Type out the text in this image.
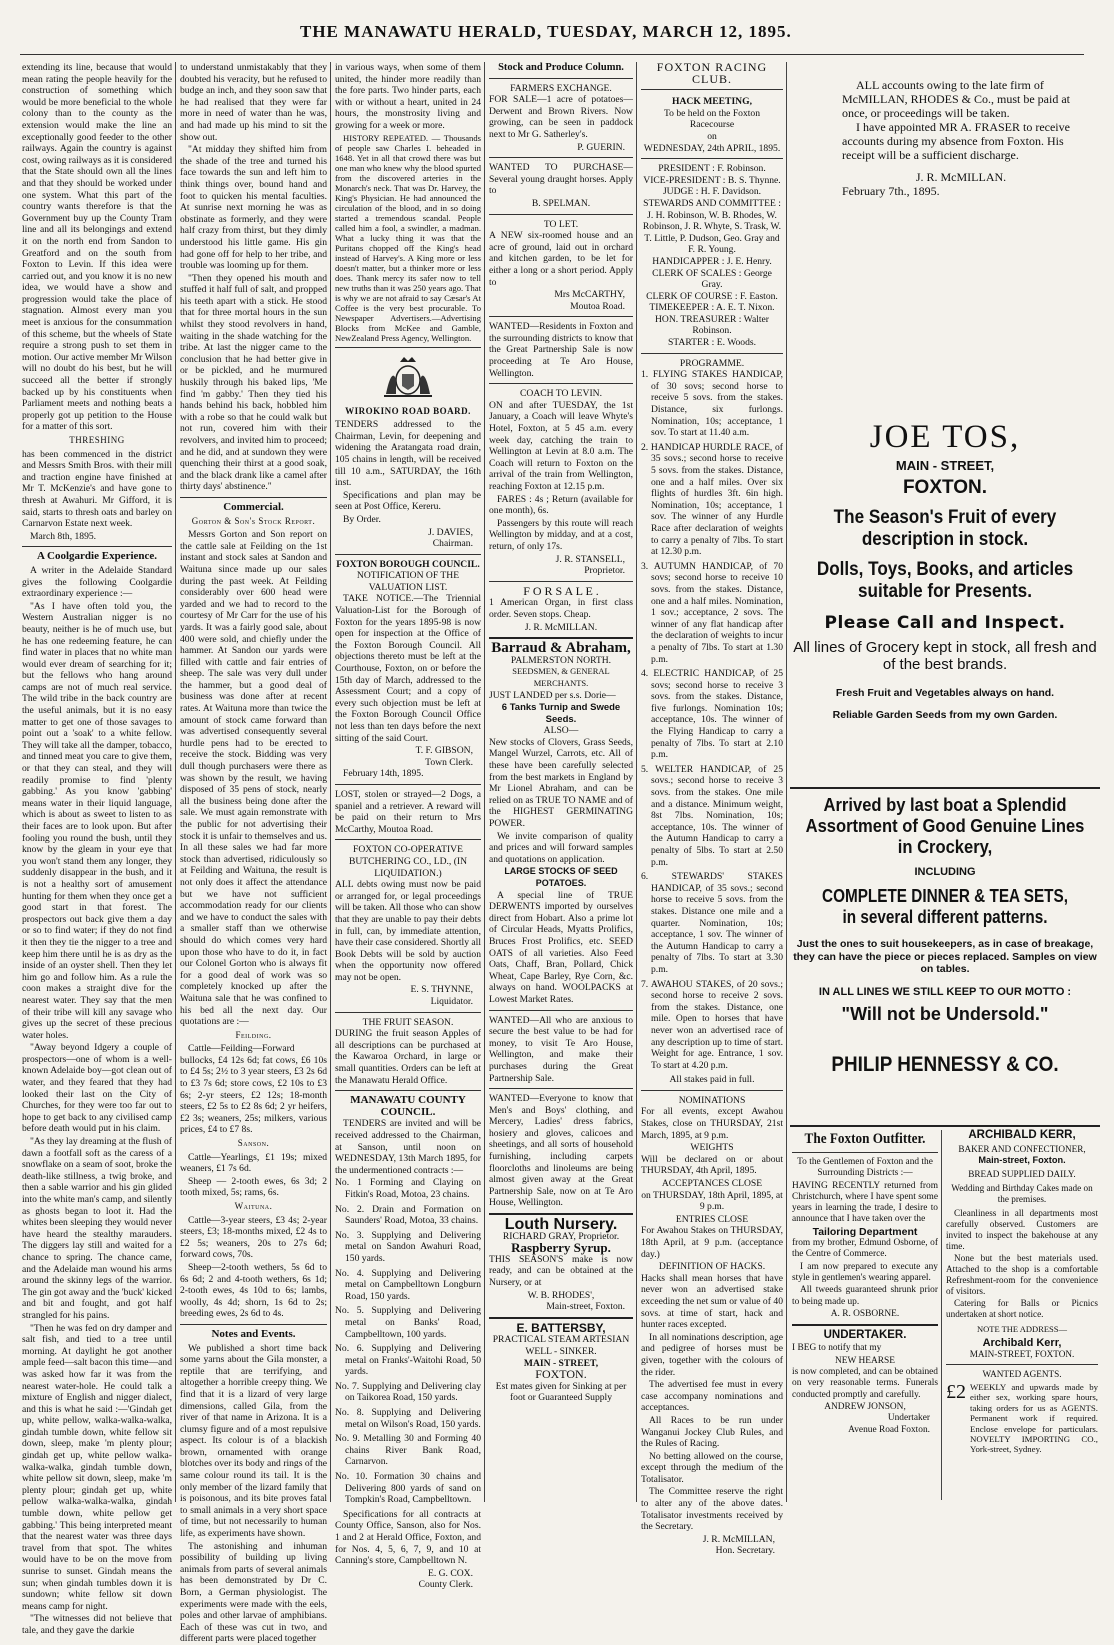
THE MANAWATU HERALD, TUESDAY, MARCH 12, 1895.

extending its line, because that would mean rating the people heavily for the construction of something which would be more beneficial to the whole colony than to the county as the extension would make the line an exceptionally good feeder to the other railways. Again the country is against cost, owing railways as it is considered that the State should own all the lines and that they should be worked under one system. What this part of the country wants therefore is that the Government buy up the County Tram line and all its belongings and extend it on the north end from Sandon to Greatford and on the south from Foxton to Levin. If this idea were carried out, and you know it is no new idea, we would have a show and progression would take the place of stagnation. Almost every man you meet is anxious for the consummation of this scheme, but the wheels of State require a strong push to set them in motion. Our active member Mr Wilson will no doubt do his best, but he will succeed all the better if strongly backed up by his constituents when Parliament meets and nothing beats a properly got up petition to the House for a matter of this sort.

THRESHING

has been commenced in the district and Messrs Smith Bros. with their mill and traction engine have finished at Mr T. McKenzie's and have gone to thresh at Awahuri. Mr Gifford, it is said, starts to thresh oats and barley on Carnarvon Estate next week.

March 8th, 1895.

A Coolgardie Experience.

A writer in the Adelaide Standard gives the following Coolgardie extraordinary experience :—

"As I have often told you, the Western Australian nigger is no beauty, neither is he of much use, but he has one redeeming feature, he can find water in places that no white man would ever dream of searching for it; but the fellows who hang around camps are not of much real service. The wild tribe in the back country are the useful animals, but it is no easy matter to get one of those savages to point out a 'soak' to a white fellow. They will take all the damper, tobacco, and tinned meat you care to give them, or that they can steal, and they will readily promise to find 'plenty gabbing.' As you know 'gabbing' means water in their liquid language, which is about as sweet to listen to as their faces are to look upon. But after fooling you round the bush, until they know by the gleam in your eye that you won't stand them any longer, they suddenly disappear in the bush, and it is not a healthy sort of amusement hunting for them when they once get a good start in that forest. The prospectors out back give them a day or so to find water; if they do not find it then they tie the nigger to a tree and keep him there until he is as dry as the inside of an oyster shell. Then they let him go and follow him. As a rule the coon makes a straight dive for the nearest water. They say that the men of their tribe will kill any savage who gives up the secret of these precious water holes.

"Away beyond Idgery a couple of prospectors—one of whom is a well-known Adelaide boy—got clean out of water, and they feared that they had looked their last on the City of Churches, for they were too far out to hope to get back to any civilised camp before death would put in his claim.

"As they lay dreaming at the flush of dawn a footfall soft as the caress of a snowflake on a seam of soot, broke the death-like stillness, a twig broke, and then a sable warrior and his gin glided into the white man's camp, and silently as ghosts began to loot it. Had the whites been sleeping they would never have heard the stealthy marauders. The diggers lay still and waited for a chance to spring. The chance came, and the Adelaide man wound his arms around the skinny legs of the warrior. The gin got away and the 'buck' kicked and bit and fought, and got half strangled for his pains.

"Then he was fed on dry damper and salt fish, and tied to a tree until morning. At daylight he got another ample feed—salt bacon this time—and was asked how far it was from the nearest water-hole. He could talk a mixture of English and nigger dialect, and this is what he said :—'Gindah get up, white pellow, walka-walka-walka, gindah tumble down, white fellow sit down, sleep, make 'm plenty plour; gindah get up, white pellow walka-walka-walka, gindah tumble down, white pellow sit down, sleep, make 'm plenty plour; gindah get up, white pellow walka-walka-walka, gindah tumble down, white pellow get gabbing.' This being interpreted meant that the nearest water was three days travel from that spot. The whites would have to be on the move from sunrise to sunset. Gindah means the sun; when gindah tumbles down it is sundown; white fellow sit down means camp for night.

"The witnesses did not believe that tale, and they gave the darkie

to understand unmistakably that they doubted his veracity, but he refused to budge an inch, and they soon saw that he had realised that they were far more in need of water than he was, and had made up his mind to sit the show out.

"At midday they shifted him from the shade of the tree and turned his face towards the sun and left him to think things over, bound hand and foot to quicken his mental faculties. At sunrise next morning he was as obstinate as formerly, and they were half crazy from thirst, but they dimly understood his little game. His gin had gone off for help to her tribe, and trouble was looming up for them.

"Then they opened his mouth and stuffed it half full of salt, and propped his teeth apart with a stick. He stood that for three mortal hours in the sun whilst they stood revolvers in hand, waiting in the shade watching for the tribe. At last the nigger came to the conclusion that he had better give in or be pickled, and he murmured huskily through his baked lips, 'Me find 'm gabby.' Then they tied his hands behind his back, hobbled him with a robe so that he could walk but not run, covered him with their revolvers, and invited him to proceed; and he did, and at sundown they were quenching their thirst at a good soak, and the black drank like a camel after thirty days' abstinence."

Commercial.
Gorton & Son's Stock Report.

Messrs Gorton and Son report on the cattle sale at Feilding on the 1st instant and stock sales at Sandon and Waituna since made up our sales during the past week. At Feilding considerably over 600 head were yarded and we had to record to the courtesy of Mr Carr for the use of his yards. It was a fairly good sale, about 400 were sold, and chiefly under the hammer. At Sandon our yards were filled with cattle and fair entries of sheep. The sale was very dull under the hammer, but a good deal of business was done after at recent rates. At Waituna more than twice the amount of stock came forward than was advertised consequently several hurdle pens had to be erected to receive the stock. Bidding was very dull though purchasers were there as was shown by the result, we having disposed of 35 pens of stock, nearly all the business being done after the sale. We must again remonstrate with the public for not advertising their stock it is unfair to themselves and us. In all these sales we had far more stock than advertised, ridiculously so at Feilding and Waituna, the result is not only does it affect the attendance but we have not sufficient accommodation ready for our clients and we have to conduct the sales with a smaller staff than we otherwise should do which comes very hard upon those who have to do it, in fact our Colonel Gorton who is always fit for a good deal of work was so completely knocked up after the Waituna sale that he was confined to his bed all the next day. Our quotations are :—

Feilding.

Cattle—Feilding—Forward bullocks, £4 12s 6d; fat cows, £6 10s to £4 5s; 2½ to 3 year steers, £3 2s 6d to £3 7s 6d; store cows, £2 10s to £3 6s; 2-yr steers, £2 12s; 18-month steers, £2 5s to £2 8s 6d; 2 yr heifers, £2 3s; weaners, 25s; milkers, various prices, £4 to £7 8s.

Sanson.

Cattle—Yearlings, £1 19s; mixed weaners, £1 7s 6d.

Sheep — 2-tooth ewes, 6s 3d; 2 tooth mixed, 5s; rams, 6s.

Waituna.

Cattle—3-year steers, £3 4s; 2-year steers, £3; 18-months mixed, £2 4s to £2 5s; weaners, 20s to 27s 6d; forward cows, 70s.

Sheep—2-tooth wethers, 5s 6d to 6s 6d; 2 and 4-tooth wethers, 6s 1d; 2-tooth ewes, 4s 10d to 6s; lambs, woolly, 4s 4d; shorn, 1s 6d to 2s; breeding ewes, 2s 6d to 4s.

Notes and Events.

We published a short time back some yarns about the Gila monster, a reptile that are terrifying, and altogether a horrible creepy thing. We find that it is a lizard of very large dimensions, called Gila, from the river of that name in Arizona. It is a clumsy figure and of a most repulsive aspect. Its colour is of a blackish brown, ornamented with orange blotches over its body and rings of the same colour round its tail. It is the only member of the lizard family that is poisonous, and its bite proves fatal to small animals in a very short space of time, but not necessarily to human life, as experiments have shown.

The astonishing and inhuman possibility of building up living animals from parts of several animals has been demonstrated by Dr C. Born, a German physiologist. The experiments were made with the eels, poles and other larvae of amphibians. Each of these was cut in two, and different parts were placed together

in various ways, when some of them united, the hinder more readily than the fore parts. Two hinder parts, each with or without a heart, united in 24 hours, the monstrosity living and growing for a week or more.

HISTORY REPEATED. — Thousands of people saw Charles I. beheaded in 1648. Yet in all that crowd there was but one man who knew why the blood spurted from the discovered arteries in the Monarch's neck. That was Dr. Harvey, the King's Physician. He had announced the circulation of the blood, and in so doing started a tremendous scandal. People called him a fool, a swindler, a madman. What a lucky thing it was that the Puritans chopped off the King's head instead of Harvey's. A King more or less doesn't matter, but a thinker more or less does. Thank mercy its safer now to tell new truths than it was 250 years ago. That is why we are not afraid to say Cæsar's At Coffee is the very best procurable. To Newspaper Advertisers.—Advertising Blocks from McKee and Gamble, NewZealand Press Agency, Wellington.

WIROKINO ROAD BOARD.

TENDERS addressed to the Chairman, Levin, for deepening and widening the Aratangata road drain, 105 chains in length, will be received till 10 a.m., SATURDAY, the 16th inst.

Specifications and plan may be seen at Post Office, Kereru.

By Order.

J. DAVIES,
Chairman.
FOXTON BOROUGH COUNCIL.
NOTIFICATION OF THE VALUATION LIST.

TAKE NOTICE.—The Triennial Valuation-List for the Borough of Foxton for the years 1895-98 is now open for inspection at the Office of the Foxton Borough Council. All objections thereto must be left at the Courthouse, Foxton, on or before the 15th day of March, addressed to the Assessment Court; and a copy of every such objection must be left at the Foxton Borough Council Office not less than ten days before the next sitting of the said Court.

T. F. GIBSON,
Town Clerk.

February 14th, 1895.

LOST, stolen or strayed—2 Dogs, a spaniel and a retriever. A reward will be paid on their return to Mrs McCarthy, Moutoa Road.

FOXTON CO-OPERATIVE BUTCHERING CO., LD., (IN LIQUIDATION.)

ALL debts owing must now be paid or arranged for, or legal proceedings will be taken. All those who can show that they are unable to pay their debts in full, can, by immediate attention, have their case considered. Shortly all Book Debts will be sold by auction when the opportunity now offered may not be open.

E. S. THYNNE,
Liquidator.
THE FRUIT SEASON.

DURING the fruit season Apples of all descriptions can be purchased at the Kawaroa Orchard, in large or small quantities. Orders can be left at the Manawatu Herald Office.

MANAWATU COUNTY COUNCIL.

TENDERS are invited and will be received addressed to the Chairman, at Sanson, until noon on WEDNESDAY, 13th March 1895, for the undermentioned contracts :—

No. 1 Forming and Claying on Fitkin's Road, Motoa, 23 chains.
No. 2. Drain and Formation on Saunders' Road, Motoa, 33 chains.
No. 3. Supplying and Delivering metal on Sandon Awahuri Road, 150 yards.
No. 4. Supplying and Delivering metal on Campbelltown Longburn Road, 150 yards.
No. 5. Supplying and Delivering metal on Banks' Road, Campbelltown, 100 yards.
No. 6. Supplying and Delivering metal on Franks'-Waitohi Road, 50 yards.
No. 7. Supplying and Delivering clay on Taikorea Road, 150 yards.
No. 8. Supplying and Delivering metal on Wilson's Road, 150 yards.
No. 9. Metalling 30 and Forming 40 chains River Bank Road, Carnarvon.
No. 10. Formation 30 chains and Delivering 800 yards of sand on Tompkin's Road, Campbelltown.

Specifications for all contracts at County Office, Sanson, also for Nos. 1 and 2 at Herald Office, Foxton, and for Nos. 4, 5, 6, 7, 9, and 10 at Canning's store, Campbelltown N.

E. G. COX.
County Clerk.
Stock and Produce Column.
FARMERS EXCHANGE.

FOR SALE—1 acre of potatoes—Derwent and Brown Rivers. Now growing, can be seen in paddock next to Mr G. Satherley's.

P. GUERIN.

WANTED TO PURCHASE—Several young draught horses. Apply to

B. SPELMAN.
TO LET.

A NEW six-roomed house and an acre of ground, laid out in orchard and kitchen garden, to be let for either a long or a short period. Apply to

Mrs McCARTHY,
Moutoa Road.

WANTED—Residents in Foxton and the surrounding districts to know that the Great Partnership Sale is now proceeding at Te Aro House, Wellington.

COACH TO LEVIN.

ON and after TUESDAY, the 1st January, a Coach will leave Whyte's Hotel, Foxton, at 5 45 a.m. every week day, catching the train to Wellington at Levin at 8.0 a.m. The Coach will return to Foxton on the arrival of the train from Wellington, reaching Foxton at 12.15 p.m.

FARES : 4s ; Return (available for one month), 6s.

Passengers by this route will reach Wellington by midday, and at a cost, return, of only 17s.

J. R. STANSELL,
Proprietor.
F O R S A L E .

1 American Organ, in first class order. Seven stops. Cheap.

J. R. McMILLAN.
Barraud & Abraham,
PALMERSTON NORTH.
SEEDSMEN, & GENERAL MERCHANTS.

JUST LANDED per s.s. Dorie—

6 Tanks Turnip and Swede Seeds.
ALSO—

New stocks of Clovers, Grass Seeds, Mangel Wurzel, Carrots, etc. All of these have been carefully selected from the best markets in England by Mr Lionel Abraham, and can be relied on as TRUE TO NAME and of the HIGHEST GERMINATING POWER.

We invite comparison of quality and prices and will forward samples and quotations on application.

LARGE STOCKS OF SEED POTATOES.

A special line of TRUE DERWENTS imported by ourselves direct from Hobart. Also a prime lot of Circular Heads, Myatts Prolifics, Bruces Frost Prolifics, etc. SEED OATS of all varieties. Also Feed Oats, Chaff, Bran, Pollard, Chick Wheat, Cape Barley, Rye Corn, &c. always on hand. WOOLPACKS at Lowest Market Rates.

WANTED—All who are anxious to secure the best value to be had for money, to visit Te Aro House, Wellington, and make their purchases during the Great Partnership Sale.

WANTED—Everyone to know that Men's and Boys' clothing, and Mercery, Ladies' dress fabrics, hosiery and gloves, calicoes and sheetings, and all sorts of household furnishing, including carpets floorcloths and linoleums are being almost given away at the Great Partnership Sale, now on at Te Aro House, Wellington.

Louth Nursery.
RICHARD GRAY, Proprietor.
Raspberry Syrup.

THIS SEASON'S make is now ready, and can be obtained at the Nursery, or at

W. B. RHODES',
Main-street, Foxton.
E. BATTERSBY,
PRACTICAL STEAM ARTESIAN WELL - SINKER.
MAIN - STREET,
FOXTON.

Est mates given for Sinking at per foot or Guaranteed Supply

FOXTON RACING CLUB.
HACK MEETING,
To be held on the Foxton Racecourse
on
WEDNESDAY, 24th APRIL, 1895.
PRESIDENT : F. Robinson.
VICE-PRESIDENT : B. S. Thynne.
JUDGE : H. F. Davidson.
STEWARDS AND COMMITTEE : J. H. Robinson, W. B. Rhodes, W. Robinson, J. R. Whyte, S. Trask, W. T. Little, P. Dudson, Geo. Gray and F. R. Young.
HANDICAPPER : J. E. Henry.
CLERK OF SCALES : George Gray.
CLERK OF COURSE : F. Easton.
TIMEKEEPER : A. E. T. Nixon.
HON. TREASURER : Walter Robinson.
STARTER : E. Woods.
PROGRAMME.
1. FLYING STAKES HANDICAP, of 30 sovs; second horse to receive 5 sovs. from the stakes. Distance, six furlongs. Nomination, 10s; acceptance, 1 sov. To start at 11.40 a.m.
2. HANDICAP HURDLE RACE, of 35 sovs.; second horse to receive 5 sovs. from the stakes. Distance, one and a half miles. Over six flights of hurdles 3ft. 6in high. Nomination, 10s; acceptance, 1 sov. The winner of any Hurdle Race after declaration of weights to carry a penalty of 7lbs. To start at 12.30 p.m.
3. AUTUMN HANDICAP, of 70 sovs; second horse to receive 10 sovs. from the stakes. Distance, one and a half miles. Nomination, 1 sov.; acceptance, 2 sovs. The winner of any flat handicap after the declaration of weights to incur a penalty of 7lbs. To start at 1.30 p.m.
4. ELECTRIC HANDICAP, of 25 sovs; second horse to receive 3 sovs. from the stakes. Distance, five furlongs. Nomination 10s; acceptance, 10s. The winner of the Flying Handicap to carry a penalty of 7lbs. To start at 2.10 p.m.
5. WELTER HANDICAP, of 25 sovs.; second horse to receive 3 sovs. from the stakes. One mile and a distance. Minimum weight, 8st 7lbs. Nomination, 10s; acceptance, 10s. The winner of the Autumn Handicap to carry a penalty of 5lbs. To start at 2.50 p.m.
6. STEWARDS' STAKES HANDICAP, of 35 sovs.; second horse to receive 5 sovs. from the stakes. Distance one mile and a quarter. Nomination, 10s; acceptance, 1 sov. The winner of the Autumn Handicap to carry a penalty of 7lbs. To start at 3.30 p.m.
7. AWAHOU STAKES, of 20 sovs.; second horse to receive 2 sovs. from the stakes. Distance, one mile. Open to horses that have never won an advertised race of any description up to time of start. Weight for age. Entrance, 1 sov. To start at 4.20 p.m.
All stakes paid in full.
NOMINATIONS

For all events, except Awahou Stakes, close on THURSDAY, 21st March, 1895, at 9 p.m.

WEIGHTS

Will be declared on or about THURSDAY, 4th April, 1895.

ACCEPTANCES CLOSE

on THURSDAY, 18th April, 1895, at 9 p.m.

ENTRIES CLOSE

For Awahou Stakes on THURSDAY, 18th April, at 9 p.m. (acceptance day.)

DEFINITION OF HACKS.

Hacks shall mean horses that have never won an advertised stake exceeding the net sum or value of 40 sovs. at time of start, hack and hunter races excepted.

In all nominations description, age and pedigree of horses must be given, together with the colours of the rider.

The advertised fee must in every case accompany nominations and acceptances.

All Races to be run under Wanganui Jockey Club Rules, and the Rules of Racing.

No betting allowed on the course, except through the medium of the Totalisator.

The Committee reserve the right to alter any of the above dates. Totalisator investments received by the Secretary.

J. R. McMILLAN,
Hon. Secretary.
ALL accounts owing to the late firm of McMILLAN, RHODES & Co., must be paid at once, or proceedings will be taken.
I have appointed MR A. FRASER to receive accounts during my absence from Foxton. His receipt will be a sufficient discharge.
J. R. McMILLAN.
February 7th., 1895.
JOE TOS,
MAIN - STREET,
FOXTON.
The Season's Fruit of every description in stock.
Dolls, Toys, Books, and articles suitable for Presents.
Please Call and Inspect.
All lines of Grocery kept in stock, all fresh and of the best brands.
Fresh Fruit and Vegetables always on hand.
Reliable Garden Seeds from my own Garden.
Arrived by last boat a Splendid Assortment of Good Genuine Lines in Crockery,
INCLUDING
COMPLETE DINNER & TEA SETS, in several different patterns.
Just the ones to suit housekeepers, as in case of breakage, they can have the piece or pieces replaced. Samples on view on tables.
IN ALL LINES WE STILL KEEP TO OUR MOTTO :
"Will not be Undersold."
PHILIP HENNESSY & CO.
The Foxton Outfitter.

To the Gentlemen of Foxton and the Surrounding Districts :—

HAVING RECENTLY returned from Christchurch, where I have spent some years in learning the trade, I desire to announce that I have taken over the

Tailoring Department

from my brother, Edmund Osborne, of the Centre of Commerce.

I am now prepared to execute any style in gentlemen's wearing apparel.

All tweeds guaranteed shrunk prior to being made up.

A. R. OSBORNE.
UNDERTAKER.

I BEG to notify that my

NEW HEARSE

is now completed, and can be obtained on very reasonable terms. Funerals conducted promptly and carefully.

ANDREW JONSON,
Undertaker
Avenue Road Foxton.
ARCHIBALD KERR,
BAKER AND CONFECTIONER,
Main-street, Foxton.
BREAD SUPPLIED DAILY.

Wedding and Birthday Cakes made on the premises.

Cleanliness in all departments most carefully observed. Customers are invited to inspect the bakehouse at any time.

None but the best materials used. Attached to the shop is a comfortable Refreshment-room for the convenience of visitors.

Catering for Balls or Picnics undertaken at short notice.

NOTE THE ADDRESS—
Archibald Kerr,
MAIN-STREET, FOXTON.
WANTED AGENTS.
£2 WEEKLY and upwards made by either sex, working spare hours, taking orders for us as AGENTS. Permanent work if required. Enclose envelope for particulars. NOVELTY IMPORTING CO., York-street, Sydney.
